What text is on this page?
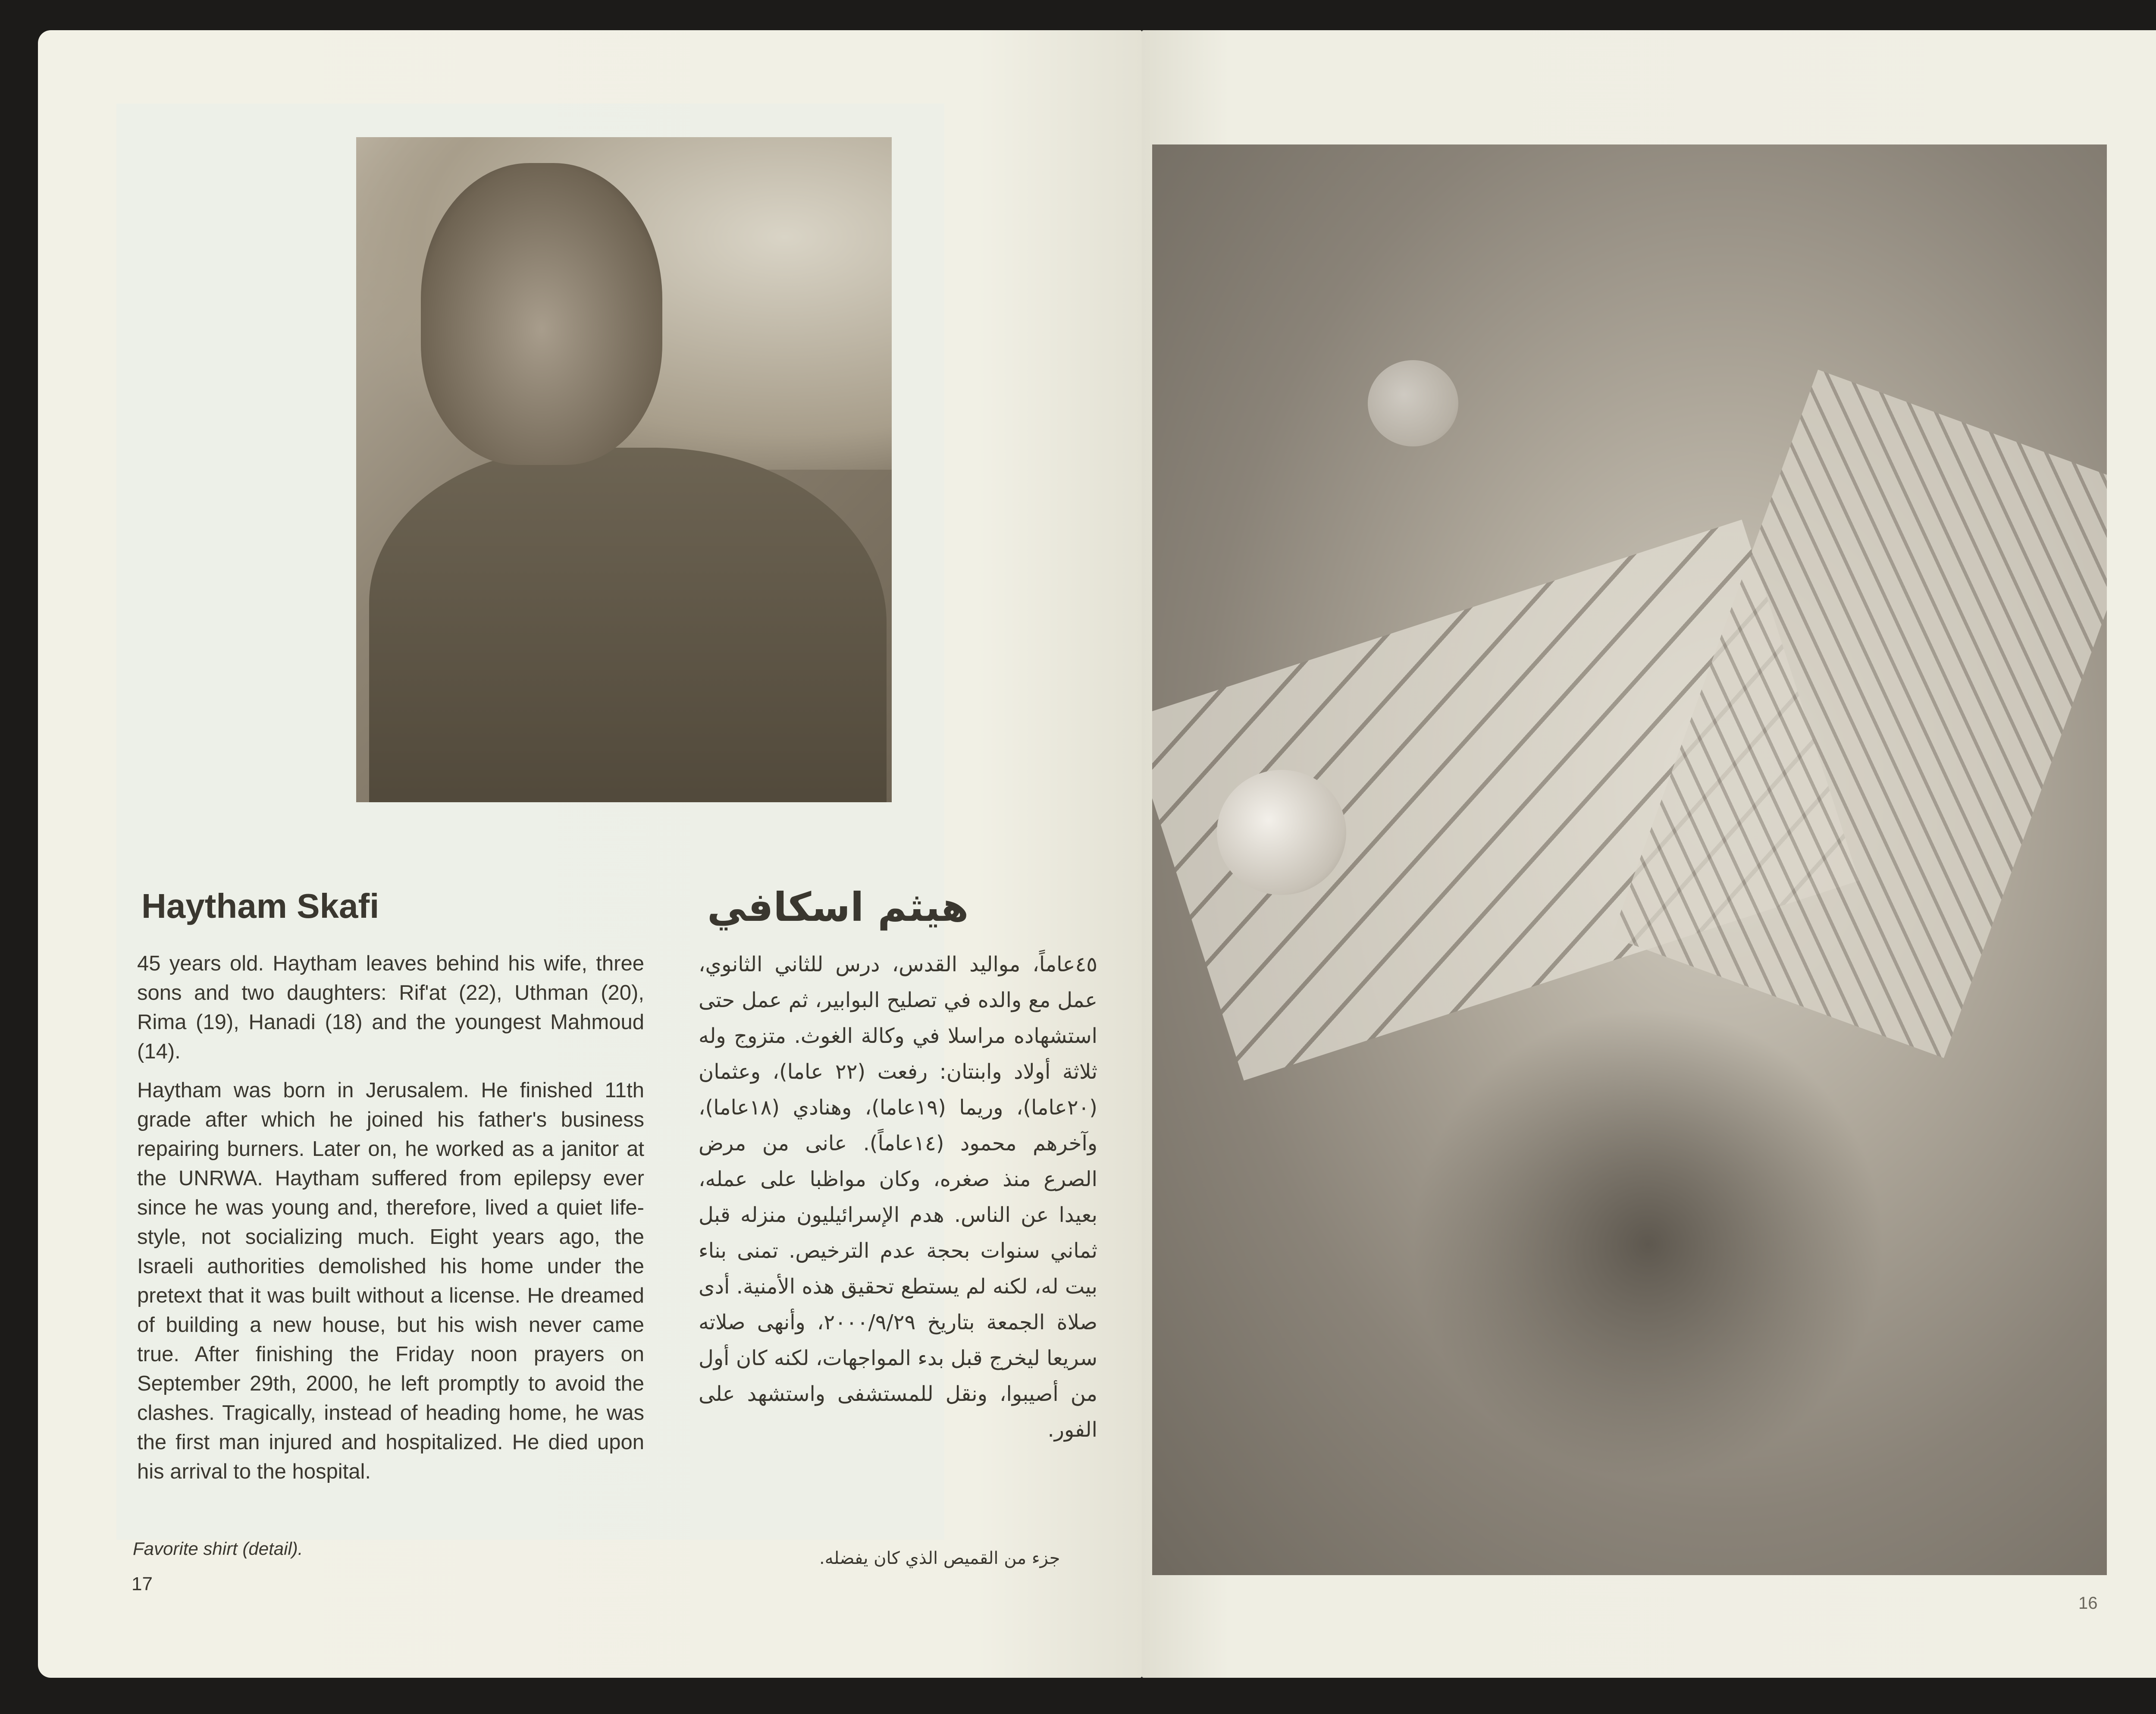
Haytham Skafi

45 years old. Haytham leaves behind his wife, three sons and two daughters: Rif'at (22), Uthman (20), Rima (19), Hanadi (18) and the youngest Mahmoud (14).

Haytham was born in Jerusalem. He finished 11th grade after which he joined his father's business repairing burners. Later on, he worked as a janitor at the UNRWA. Haytham suffered from epilepsy ever since he was young and, therefore, lived a quiet life-style, not socializing much. Eight years ago, the Israeli authorities demolished his home under the pretext that it was built without a license. He dreamed of building a new house, but his wish never came true. After finishing the Friday noon prayers on September 29th, 2000, he left promptly to avoid the clashes. Tragically, instead of heading home, he was the first man injured and hospitalized. He died upon his arrival to the hospital.

هيثم اسكافي
٤٥عاماً، مواليد القدس، درس للثاني الثانوي، عمل مع والده في تصليح البوابير، ثم عمل حتى استشهاده مراسلا في وكالة الغوث. متزوج وله ثلاثة أولاد وابنتان: رفعت (٢٢ عاما)، وعثمان (٢٠عاما)، وريما (١٩عاما)، وهنادي (١٨عاما)، وآخرهم محمود (١٤عاماً). عانى من مرض الصرع منذ صغره، وكان مواظبا على عمله، بعيدا عن الناس. هدم الإسرائيليون منزله قبل ثماني سنوات بحجة عدم الترخيص. تمنى بناء بيت له، لكنه لم يستطع تحقيق هذه الأمنية. أدى صلاة الجمعة بتاريخ ٢٠٠٠/٩/٢٩، وأنهى صلاته سريعا ليخرج قبل بدء المواجهات، لكنه كان أول من أصيبوا، ونقل للمستشفى واستشهد على الفور.
Favorite shirt (detail).	جزء من القميص الذي كان يفضله.
17
16
